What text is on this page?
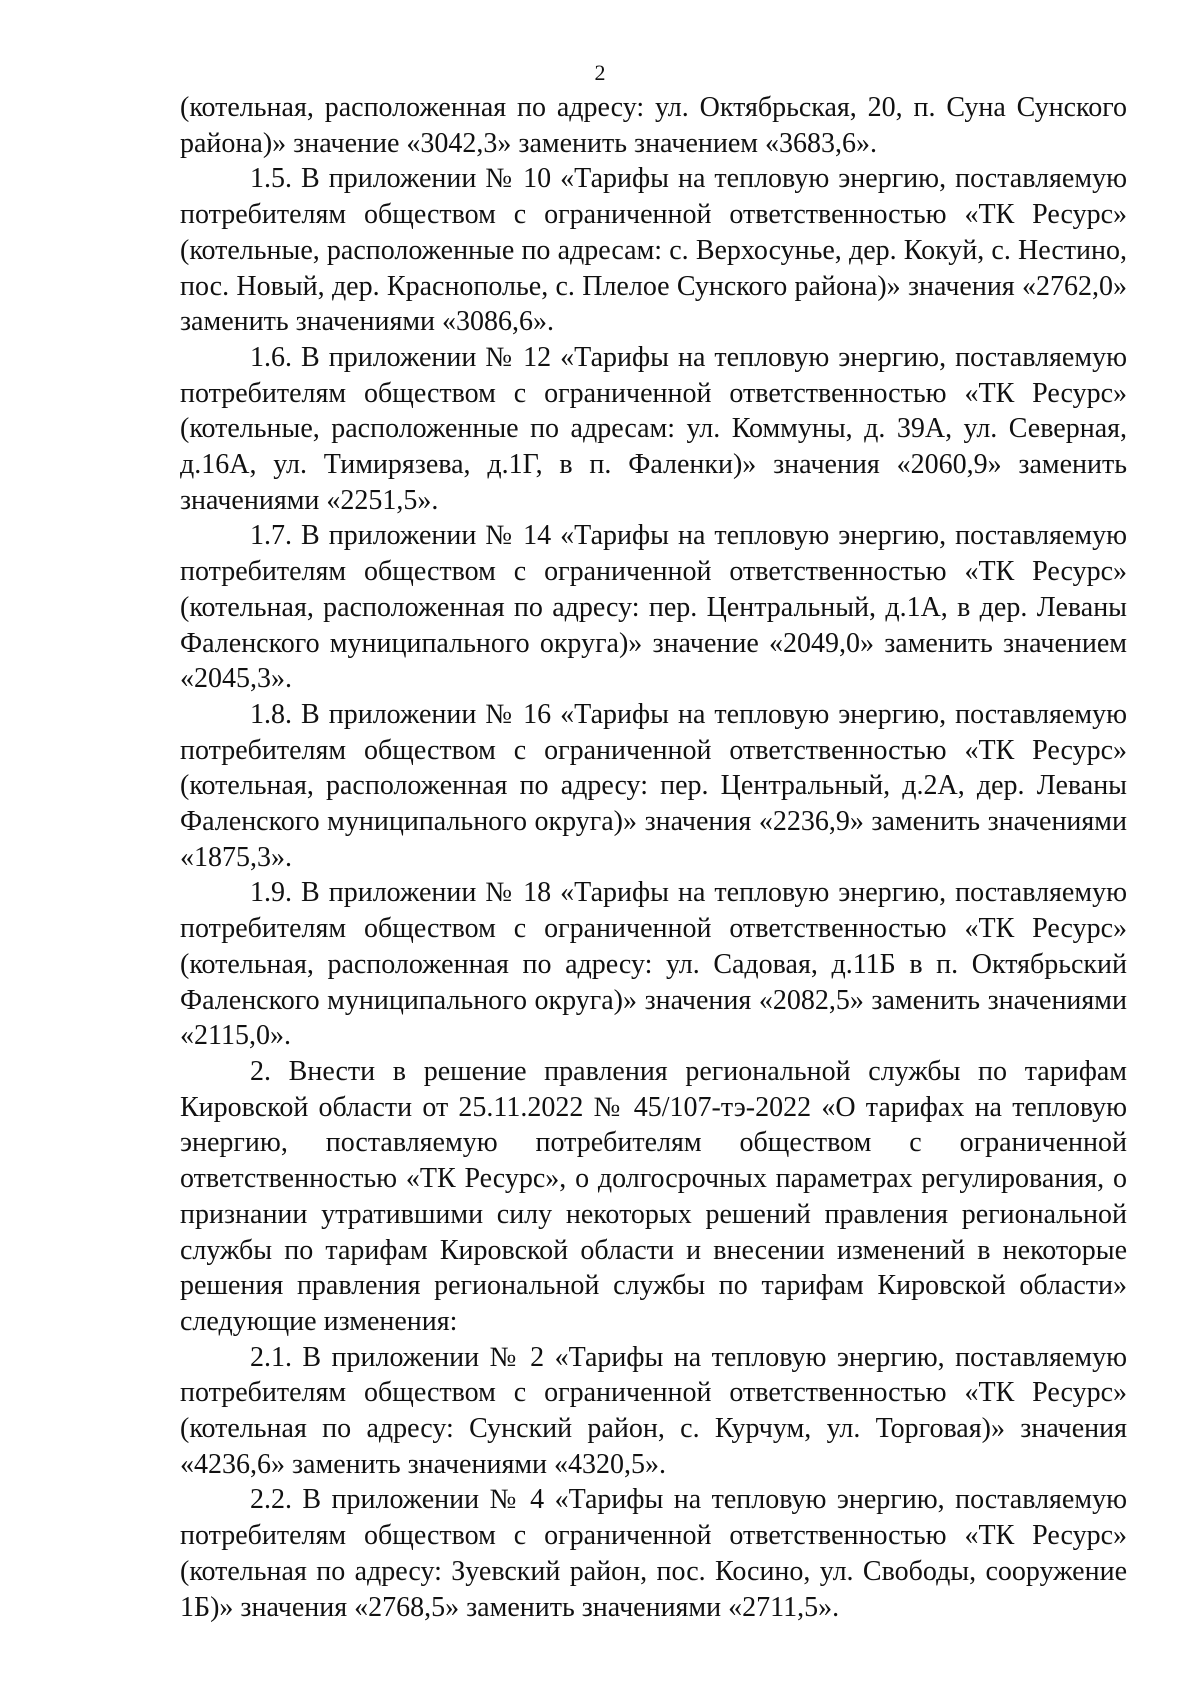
2

(котельная, расположенная по адресу: ул. Октябрьская, 20, п. Суна Сунского района)» значение «3042,3» заменить значением «3683,6».

1.5. В приложении № 10 «Тарифы на тепловую энергию, поставляемую потребителям обществом с ограниченной ответственностью «ТК Ресурс» (котельные, расположенные по адресам: с. Верхосунье, дер. Кокуй, с. Нестино, пос. Новый, дер. Краснополье, с. Плелое Сунского района)» значения «2762,0» заменить значениями «3086,6».

1.6. В приложении № 12 «Тарифы на тепловую энергию, поставляемую потребителям обществом с ограниченной ответственностью «ТК Ресурс» (котельные, расположенные по адресам: ул. Коммуны, д. 39А, ул. Северная, д.16А, ул. Тимирязева, д.1Г, в п. Фаленки)» значения «2060,9» заменить значениями «2251,5».

1.7. В приложении № 14 «Тарифы на тепловую энергию, поставляемую потребителям обществом с ограниченной ответственностью «ТК Ресурс» (котельная, расположенная по адресу: пер. Центральный, д.1А, в дер. Леваны Фаленского муниципального округа)» значение «2049,0» заменить значением «2045,3».

1.8. В приложении № 16 «Тарифы на тепловую энергию, поставляемую потребителям обществом с ограниченной ответственностью «ТК Ресурс» (котельная, расположенная по адресу: пер. Центральный, д.2А, дер. Леваны Фаленского муниципального округа)» значения «2236,9» заменить значениями «1875,3».

1.9. В приложении № 18 «Тарифы на тепловую энергию, поставляемую потребителям обществом с ограниченной ответственностью «ТК Ресурс» (котельная, расположенная по адресу: ул. Садовая, д.11Б в п. Октябрьский Фаленского муниципального округа)» значения «2082,5» заменить значениями «2115,0».

2. Внести в решение правления региональной службы по тарифам Кировской области от 25.11.2022 № 45/107-тэ-2022 «О тарифах на тепловую энергию, поставляемую потребителям обществом с ограниченной ответственностью «ТК Ресурс», о долгосрочных параметрах регулирования, о признании утратившими силу некоторых решений правления региональной службы по тарифам Кировской области и внесении изменений в некоторые решения правления региональной службы по тарифам Кировской области» следующие изменения:

2.1. В приложении № 2 «Тарифы на тепловую энергию, поставляемую потребителям обществом с ограниченной ответственностью «ТК Ресурс» (котельная по адресу: Сунский район, с. Курчум, ул. Торговая)» значения «4236,6» заменить значениями «4320,5».

2.2. В приложении № 4 «Тарифы на тепловую энергию, поставляемую потребителям обществом с ограниченной ответственностью «ТК Ресурс» (котельная по адресу: Зуевский район, пос. Косино, ул. Свободы, сооружение 1Б)» значения «2768,5» заменить значениями «2711,5».
